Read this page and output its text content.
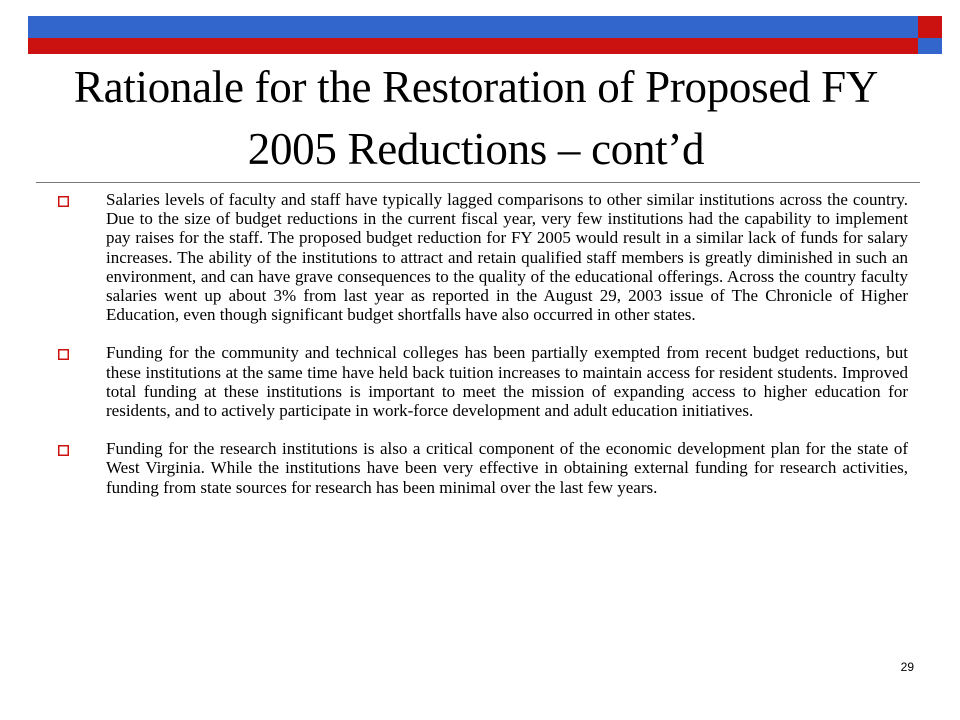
Rationale for the Restoration of Proposed FY 2005 Reductions – cont’d
Salaries levels of faculty and staff have typically lagged comparisons to other similar institutions across the country. Due to the size of budget reductions in the current fiscal year, very few institutions had the capability to implement pay raises for the staff. The proposed budget reduction for FY 2005 would result in a similar lack of funds for salary increases. The ability of the institutions to attract and retain qualified staff members is greatly diminished in such an environment, and can have grave consequences to the quality of the educational offerings. Across the country faculty salaries went up about 3% from last year as reported in the August 29, 2003 issue of The Chronicle of Higher Education, even though significant budget shortfalls have also occurred in other states.
Funding for the community and technical colleges has been partially exempted from recent budget reductions, but these institutions at the same time have held back tuition increases to maintain access for resident students. Improved total funding at these institutions is important to meet the mission of expanding access to higher education for residents, and to actively participate in work-force development and adult education initiatives.
Funding for the research institutions is also a critical component of the economic development plan for the state of West Virginia. While the institutions have been very effective in obtaining external funding for research activities, funding from state sources for research has been minimal over the last few years.
29
